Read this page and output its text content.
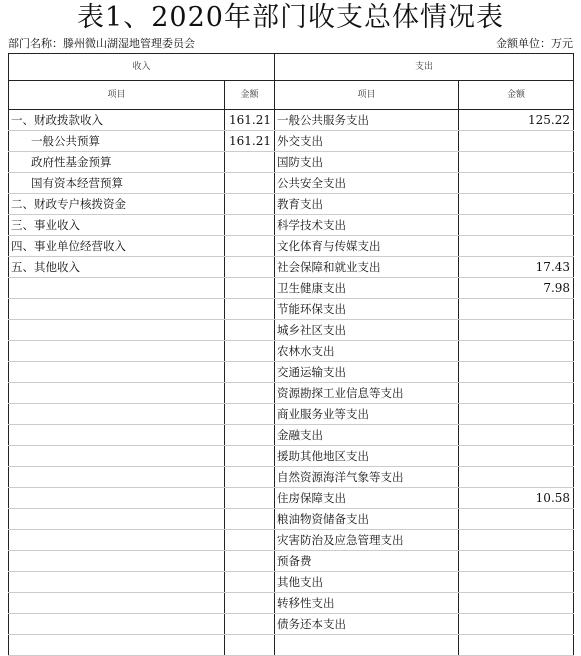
表1、2020年部门收支总体情况表
部门名称：滕州微山湖湿地管理委员会	金额单位：万元
收入		支出	
项目	金额	项目	金额
一、财政拨款收入	161.21	一般公共服务支出	125.22
一般公共预算	161.21	外交支出	
政府性基金预算		国防支出	
国有资本经营预算		公共安全支出	
二、财政专户核拨资金		教育支出	
三、事业收入		科学技术支出	
四、事业单位经营收入		文化体育与传媒支出	
五、其他收入		社会保障和就业支出	17.43
		卫生健康支出	7.98
		节能环保支出	
		城乡社区支出	
		农林水支出	
		交通运输支出	
		资源勘探工业信息等支出	
		商业服务业等支出	
		金融支出	
		援助其他地区支出	
		自然资源海洋气象等支出	
		住房保障支出	10.58
		粮油物资储备支出	
		灾害防治及应急管理支出	
		预备费	
		其他支出	
		转移性支出	
		债务还本支出	
